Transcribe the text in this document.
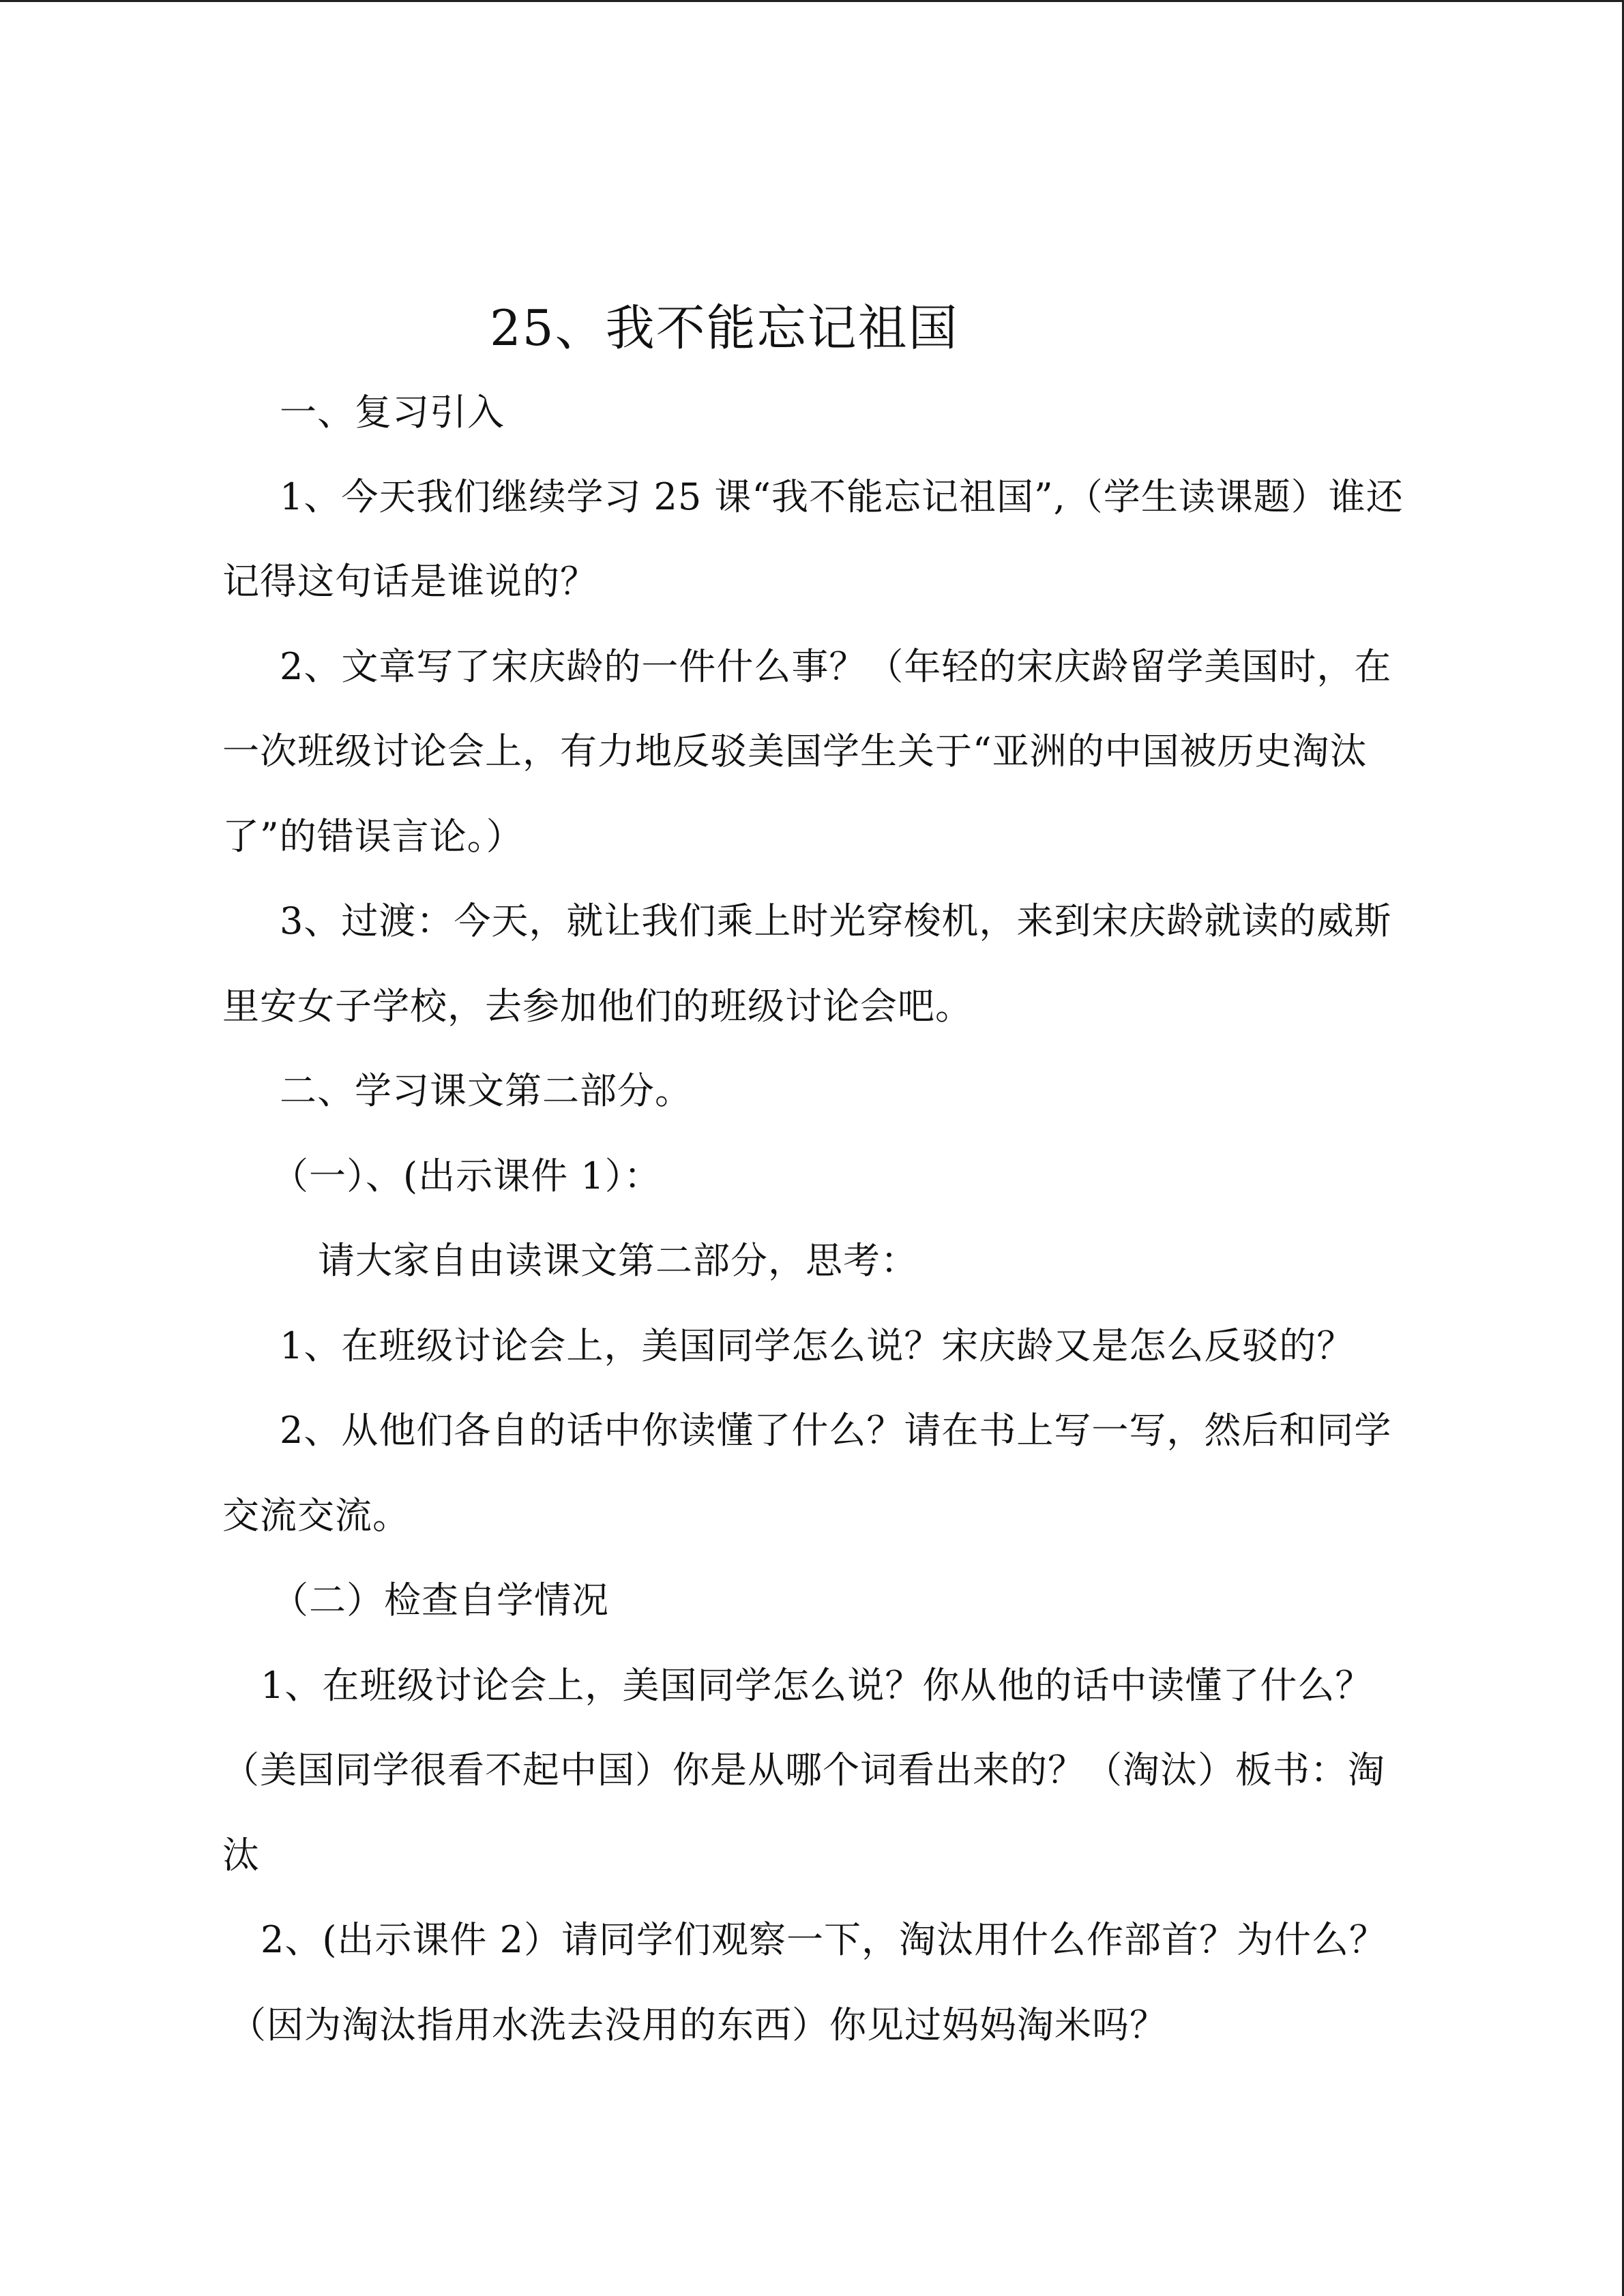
25、我不能忘记祖国
一、复习引入
1、今天我们继续学习 25 课“我不能忘记祖国”,（学生读课题）谁还
记得这句话是谁说的？
2、文章写了宋庆龄的一件什么事？（年轻的宋庆龄留学美国时，在
一次班级讨论会上，有力地反驳美国学生关于“亚洲的中国被历史淘汰
了”的错误言论。）
3、过渡：今天，就让我们乘上时光穿梭机，来到宋庆龄就读的威斯
里安女子学校，去参加他们的班级讨论会吧。
二、学习课文第二部分。
（一）、(出示课件 1）：
请大家自由读课文第二部分，思考：
1、在班级讨论会上，美国同学怎么说？宋庆龄又是怎么反驳的？
2、从他们各自的话中你读懂了什么？请在书上写一写，然后和同学
交流交流。
（二）检查自学情况
1、在班级讨论会上，美国同学怎么说？你从他的话中读懂了什么？
（美国同学很看不起中国）你是从哪个词看出来的？（淘汰）板书：淘
汰
2、(出示课件 2）请同学们观察一下，淘汰用什么作部首？为什么？
（因为淘汰指用水洗去没用的东西）你见过妈妈淘米吗？
